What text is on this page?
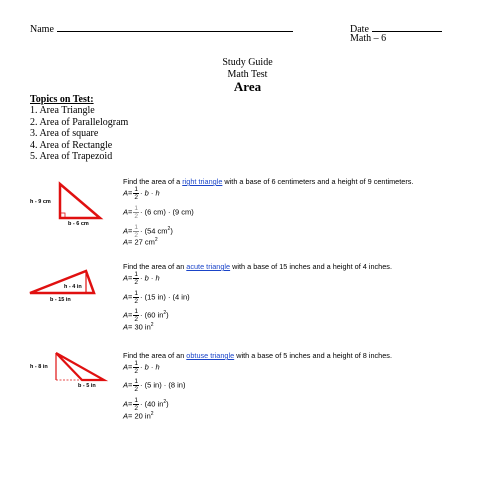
Name	Date
Math – 6
Study Guide
Math Test
Area
Topics on Test:
1. Area Triangle
2. Area of Parallelogram
3. Area of square
4. Area of Rectangle
5. Area of Trapezoid
h - 9 cm
b - 6 cm
Find the area of a right triangle with a base of 6 centimeters and a height of 9 centimeters.
$A= \frac{1}{2} \cdot b \cdot h$
$A= \frac{1}{2} \cdot (6$ cm) · (9 cm)
$A= \frac{1}{2} \cdot (54$ $cm^2$)
A= 27 $cm^2$
h - 4 in
b - 15 in
Find the area of an acute triangle with a base of 15 inches and a height of 4 inches.
$A= \frac{1}{2} \cdot b \cdot h$
$A= \frac{1}{2} \cdot (15$ in) · (4 in)
$A= \frac{1}{2} \cdot (60$ $in^2$)
A= 30 $in^2$
h - 8 in
b - 5 in
Find the area of an obtuse triangle with a base of 5 inches and a height of 8 inches.
$A= \frac{1}{2} \cdot b \cdot h$
$A= \frac{1}{2} \cdot (5$ in) · (8 in)
$A= \frac{1}{2} \cdot (40$ $in^2$)
A= 20 $in^2$
